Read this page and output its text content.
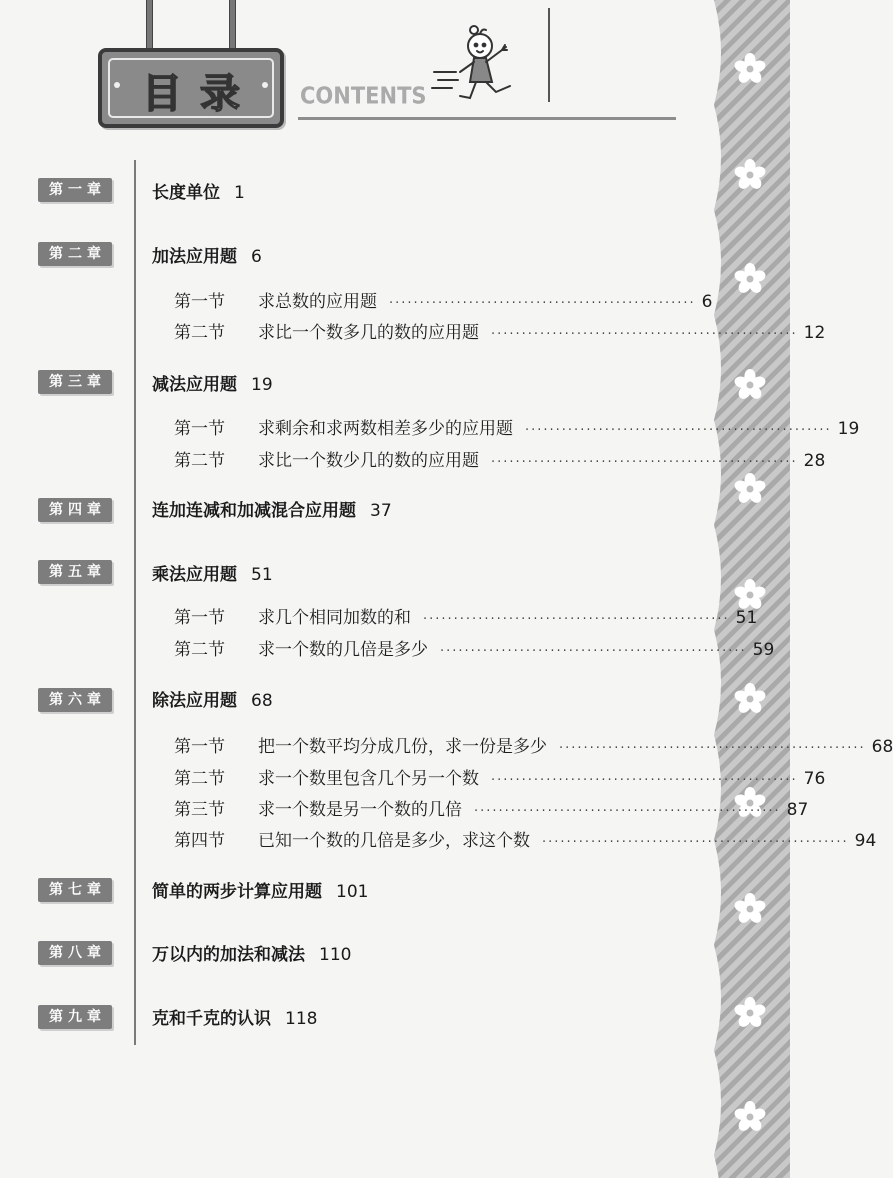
目录	CONTENTS
第一章	长度单位 1
第二章	加法应用题 6
第一节	求总数的应用题 ·················································· 6
第二节	求比一个数多几的数的应用题 ·················································· 12
第三章	减法应用题 19
第一节	求剩余和求两数相差多少的应用题 ·················································· 19
第二节	求比一个数少几的数的应用题 ·················································· 28
第四章	连加连减和加减混合应用题 37
第五章	乘法应用题 51
第一节	求几个相同加数的和 ·················································· 51
第二节	求一个数的几倍是多少 ·················································· 59
第六章	除法应用题 68
第一节	把一个数平均分成几份，求一份是多少 ·················································· 68
第二节	求一个数里包含几个另一个数 ·················································· 76
第三节	求一个数是另一个数的几倍 ·················································· 87
第四节	已知一个数的几倍是多少，求这个数 ·················································· 94
第七章	简单的两步计算应用题 101
第八章	万以内的加法和减法 110
第九章	克和千克的认识 118
